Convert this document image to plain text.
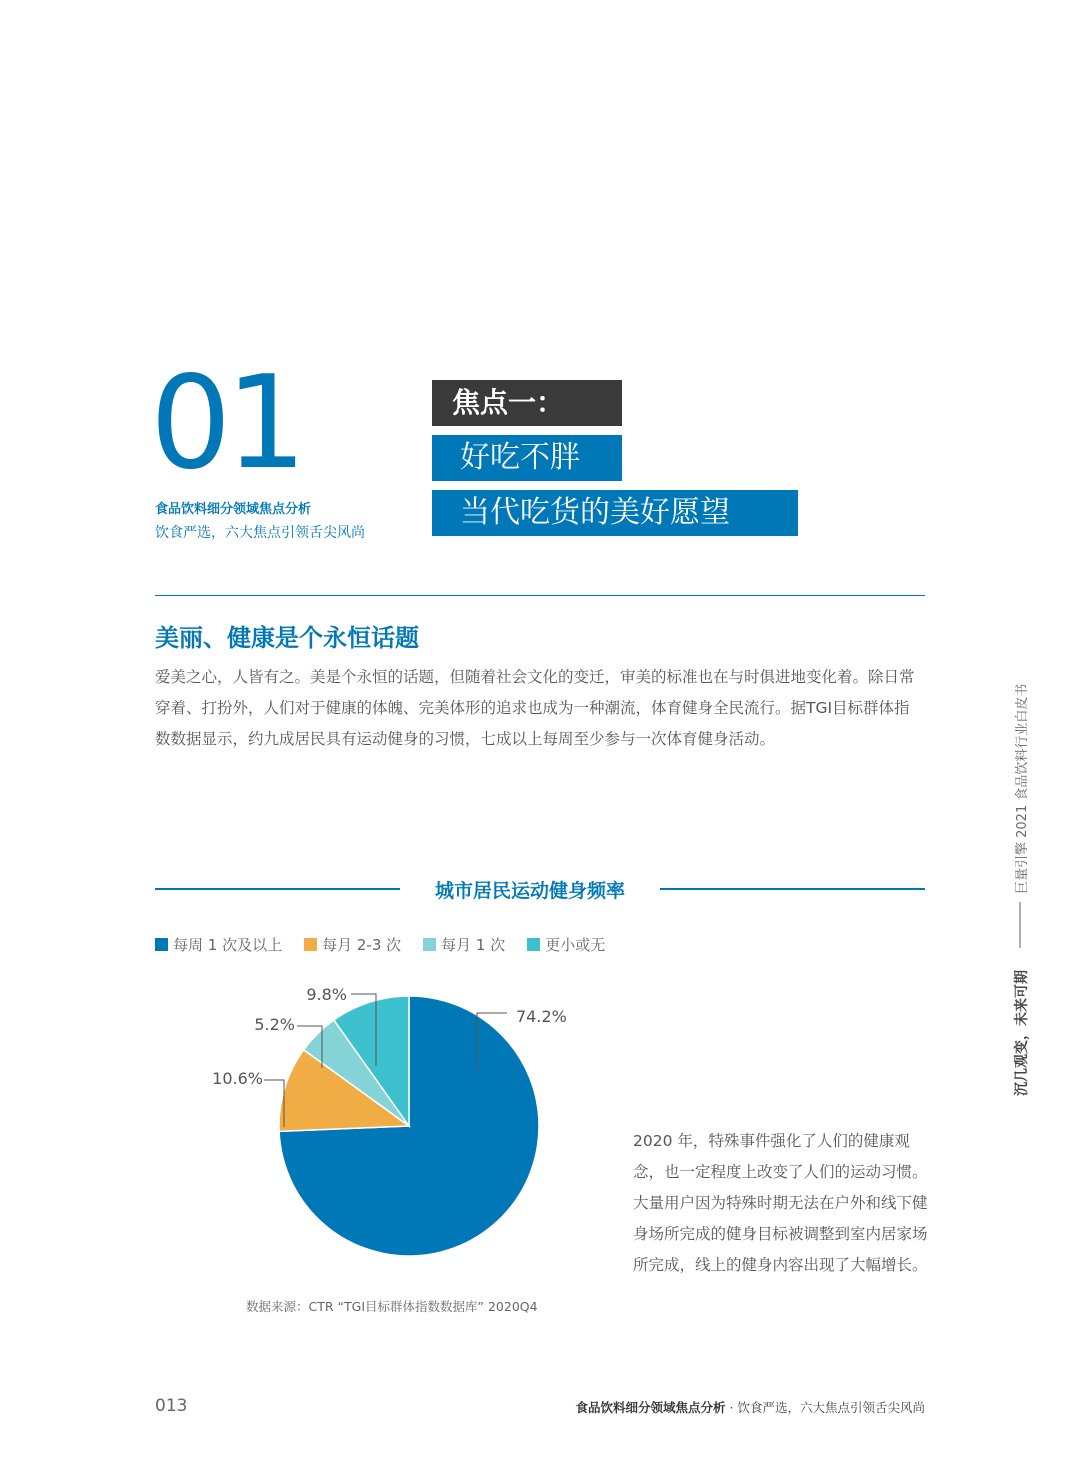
01
食品饮料细分领域焦点分析
饮食严选，六大焦点引领舌尖风尚
焦点一：
好吃不胖
当代吃货的美好愿望
美丽、健康是个永恒话题
爱美之心，人皆有之。美是个永恒的话题，但随着社会文化的变迁，审美的标准也在与时俱进地变化着。除日常穿着、打扮外，人们对于健康的体魄、完美体形的追求也成为一种潮流，体育健身全民流行。据TGI目标群体指数数据显示，约九成居民具有运动健身的习惯，七成以上每周至少参与一次体育健身活动。
城市居民运动健身频率
每周 1 次及以上	每月 2-3 次	每月 1 次	更小或无
74.2%
10.6%
5.2%
9.8%
2020 年，特殊事件强化了人们的健康观念，也一定程度上改变了人们的运动习惯。大量用户因为特殊时期无法在户外和线下健身场所完成的健身目标被调整到室内居家场所完成，线上的健身内容出现了大幅增长。
数据来源：CTR “TGI目标群体指数数据库” 2020Q4
沉几观变，未来可期
巨量引擎 2021 食品饮料行业白皮书
013	食品饮料细分领域焦点分析 · 饮食严选，六大焦点引领舌尖风尚
